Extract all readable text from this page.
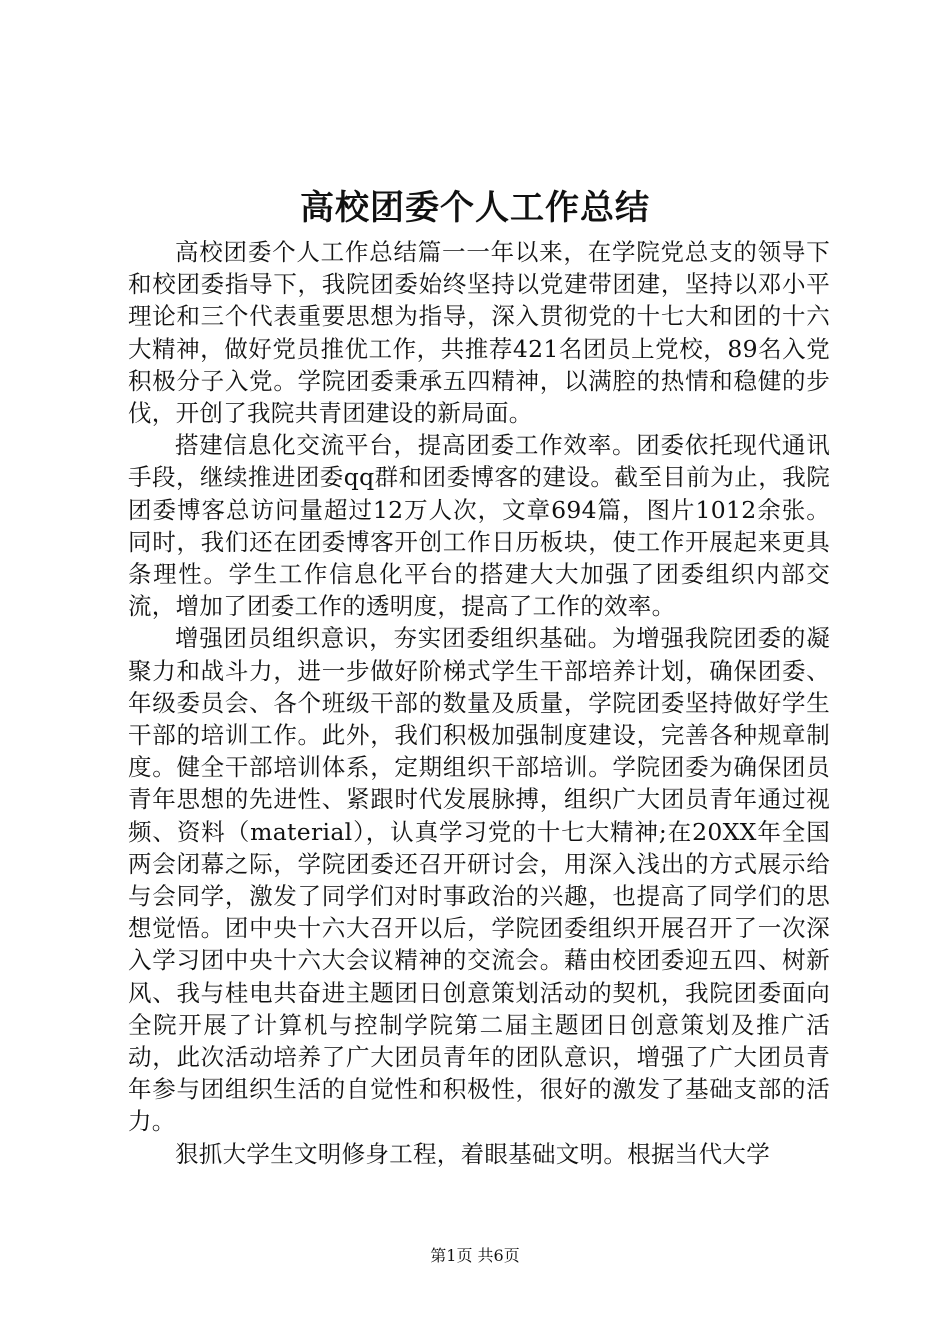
高校团委个人工作总结

高校团委个人工作总结篇一一年以来，在学院党总支的领导下和校团委指导下，我院团委始终坚持以党建带团建，坚持以邓小平理论和三个代表重要思想为指导，深入贯彻党的十七大和团的十六大精神，做好党员推优工作，共推荐421名团员上党校，89名入党积极分子入党。学院团委秉承五四精神，以满腔的热情和稳健的步伐，开创了我院共青团建设的新局面。

搭建信息化交流平台，提高团委工作效率。团委依托现代通讯手段，继续推进团委qq群和团委博客的建设。截至目前为止，我院团委博客总访问量超过12万人次，文章694篇，图片1012余张。同时，我们还在团委博客开创工作日历板块，使工作开展起来更具条理性。学生工作信息化平台的搭建大大加强了团委组织内部交流，增加了团委工作的透明度，提高了工作的效率。

增强团员组织意识，夯实团委组织基础。为增强我院团委的凝聚力和战斗力，进一步做好阶梯式学生干部培养计划，确保团委、年级委员会、各个班级干部的数量及质量，学院团委坚持做好学生干部的培训工作。此外，我们积极加强制度建设，完善各种规章制度。健全干部培训体系，定期组织干部培训。学院团委为确保团员青年思想的先进性、紧跟时代发展脉搏，组织广大团员青年通过视频、资料（material），认真学习党的十七大精神;在20XX年全国两会闭幕之际，学院团委还召开研讨会，用深入浅出的方式展示给与会同学，激发了同学们对时事政治的兴趣，也提高了同学们的思想觉悟。团中央十六大召开以后，学院团委组织开展召开了一次深入学习团中央十六大会议精神的交流会。藉由校团委迎五四、树新风、我与桂电共奋进主题团日创意策划活动的契机，我院团委面向全院开展了计算机与控制学院第二届主题团日创意策划及推广活动，此次活动培养了广大团员青年的团队意识，增强了广大团员青年参与团组织生活的自觉性和积极性，很好的激发了基础支部的活力。

狠抓大学生文明修身工程，着眼基础文明。根据当代大学

第1页 共6页
